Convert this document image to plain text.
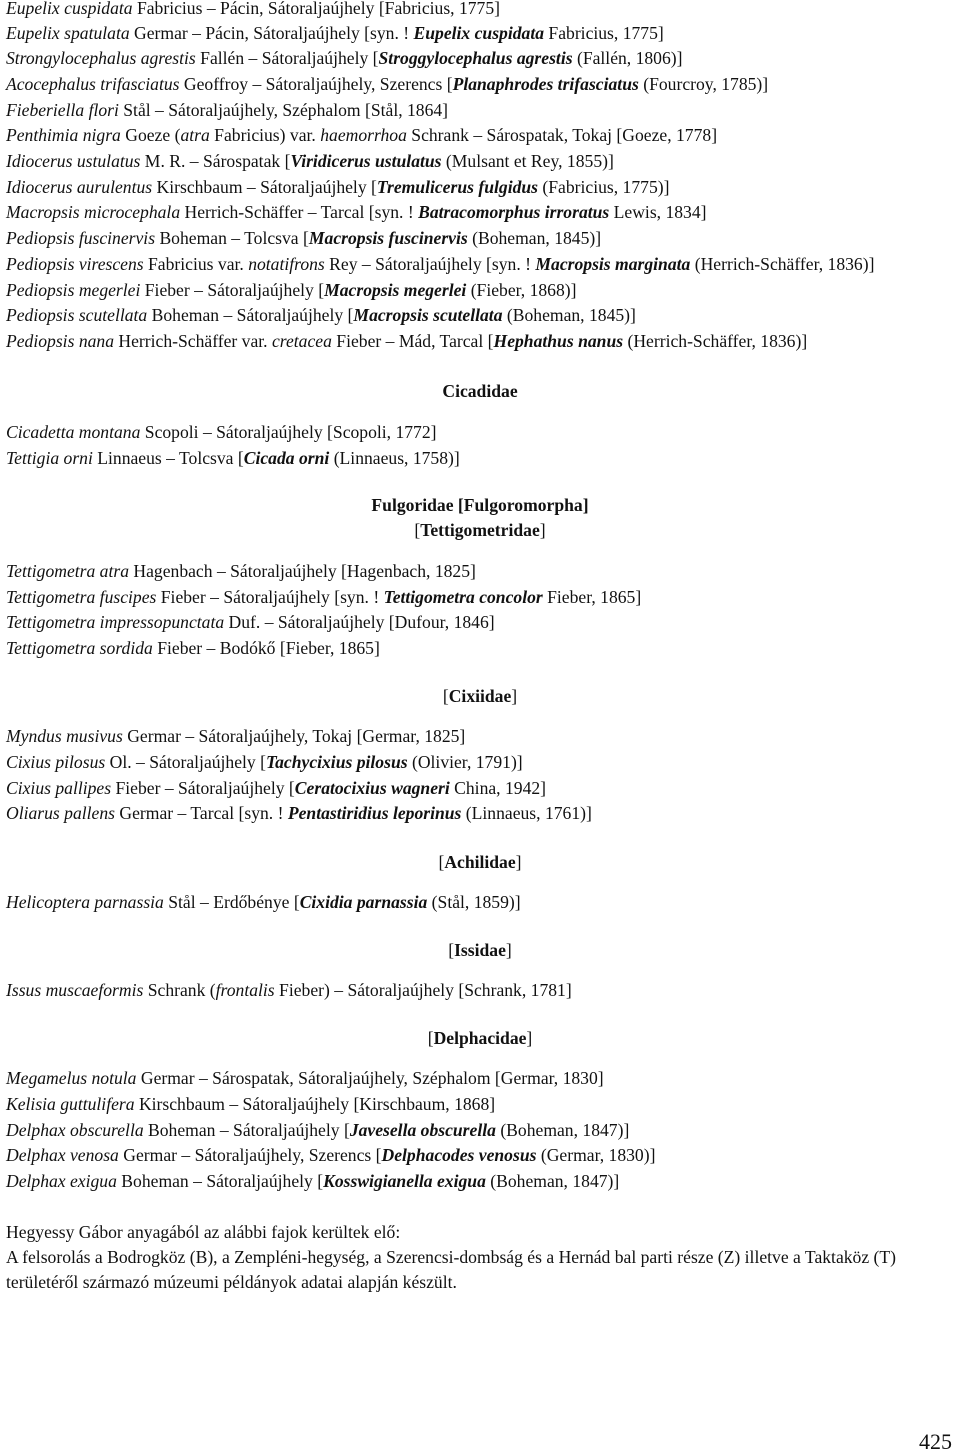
Eupelix cuspidata Fabricius – Pácin, Sátoraljaújhely [Fabricius, 1775]
Eupelix spatulata Germar – Pácin, Sátoraljaújhely [syn. ! Eupelix cuspidata Fabricius, 1775]
Strongylocephalus agrestis Fallén – Sátoraljaújhely [Stroggylocephalus agrestis (Fallén, 1806)]
Acocephalus trifasciatus Geoffroy – Sátoraljaújhely, Szerencs [Planaphrodes trifasciatus (Fourcroy, 1785)]
Fieberiella flori Stål – Sátoraljaújhely, Széphalom [Stål, 1864]
Penthimia nigra Goeze (atra Fabricius) var. haemorrhoa Schrank – Sárospatak, Tokaj [Goeze, 1778]
Idiocerus ustulatus M. R. – Sárospatak [Viridicerus ustulatus (Mulsant et Rey, 1855)]
Idiocerus aurulentus Kirschbaum – Sátoraljaújhely [Tremulicerus fulgidus (Fabricius, 1775)]
Macropsis microcephala Herrich-Schäffer – Tarcal [syn. ! Batracomorphus irroratus Lewis, 1834]
Pediopsis fuscinervis Boheman – Tolcsva [Macropsis fuscinervis (Boheman, 1845)]
Pediopsis virescens Fabricius var. notatifrons Rey – Sátoraljaújhely [syn. ! Macropsis marginata (Herrich-Schäffer, 1836)]
Pediopsis megerlei Fieber – Sátoraljaújhely [Macropsis megerlei (Fieber, 1868)]
Pediopsis scutellata Boheman – Sátoraljaújhely [Macropsis scutellata (Boheman, 1845)]
Pediopsis nana Herrich-Schäffer var. cretacea Fieber – Mád, Tarcal [Hephathus nanus (Herrich-Schäffer, 1836)]
Cicadidae
Cicadetta montana Scopoli – Sátoraljaújhely [Scopoli, 1772]
Tettigia orni Linnaeus – Tolcsva [Cicada orni (Linnaeus, 1758)]
Fulgoridae [Fulgoromorpha]
[Tettigometridae]
Tettigometra atra Hagenbach – Sátoraljaújhely [Hagenbach, 1825]
Tettigometra fuscipes Fieber – Sátoraljaújhely [syn. ! Tettigometra concolor Fieber, 1865]
Tettigometra impressopunctata Duf. – Sátoraljaújhely [Dufour, 1846]
Tettigometra sordida Fieber – Bodókő [Fieber, 1865]
[Cixiidae]
Myndus musivus Germar – Sátoraljaújhely, Tokaj [Germar, 1825]
Cixius pilosus Ol. – Sátoraljaújhely [Tachycixius pilosus (Olivier, 1791)]
Cixius pallipes Fieber – Sátoraljaújhely [Ceratocixius wagneri China, 1942]
Oliarus pallens Germar – Tarcal [syn. ! Pentastiridius leporinus (Linnaeus, 1761)]
[Achilidae]
Helicoptera parnassia Stål – Erdőbénye [Cixidia parnassia (Stål, 1859)]
[Issidae]
Issus muscaeformis Schrank (frontalis Fieber) – Sátoraljaújhely [Schrank, 1781]
[Delphacidae]
Megamelus notula Germar – Sárospatak, Sátoraljaújhely, Széphalom [Germar, 1830]
Kelisia guttulifera Kirschbaum – Sátoraljaújhely [Kirschbaum, 1868]
Delphax obscurella Boheman – Sátoraljaújhely [Javesella obscurella (Boheman, 1847)]
Delphax venosa Germar – Sátoraljaújhely, Szerencs [Delphacodes venosus (Germar, 1830)]
Delphax exigua Boheman – Sátoraljaújhely [Kosswigianella exigua (Boheman, 1847)]
Hegyessy Gábor anyagából az alábbi fajok kerültek elő:
A felsorolás a Bodrogköz (B), a Zempléni-hegység, a Szerencsi-dombság és a Hernád bal parti része (Z) illetve a Taktaköz (T) területéről származó múzeumi példányok adatai alapján készült.
425
